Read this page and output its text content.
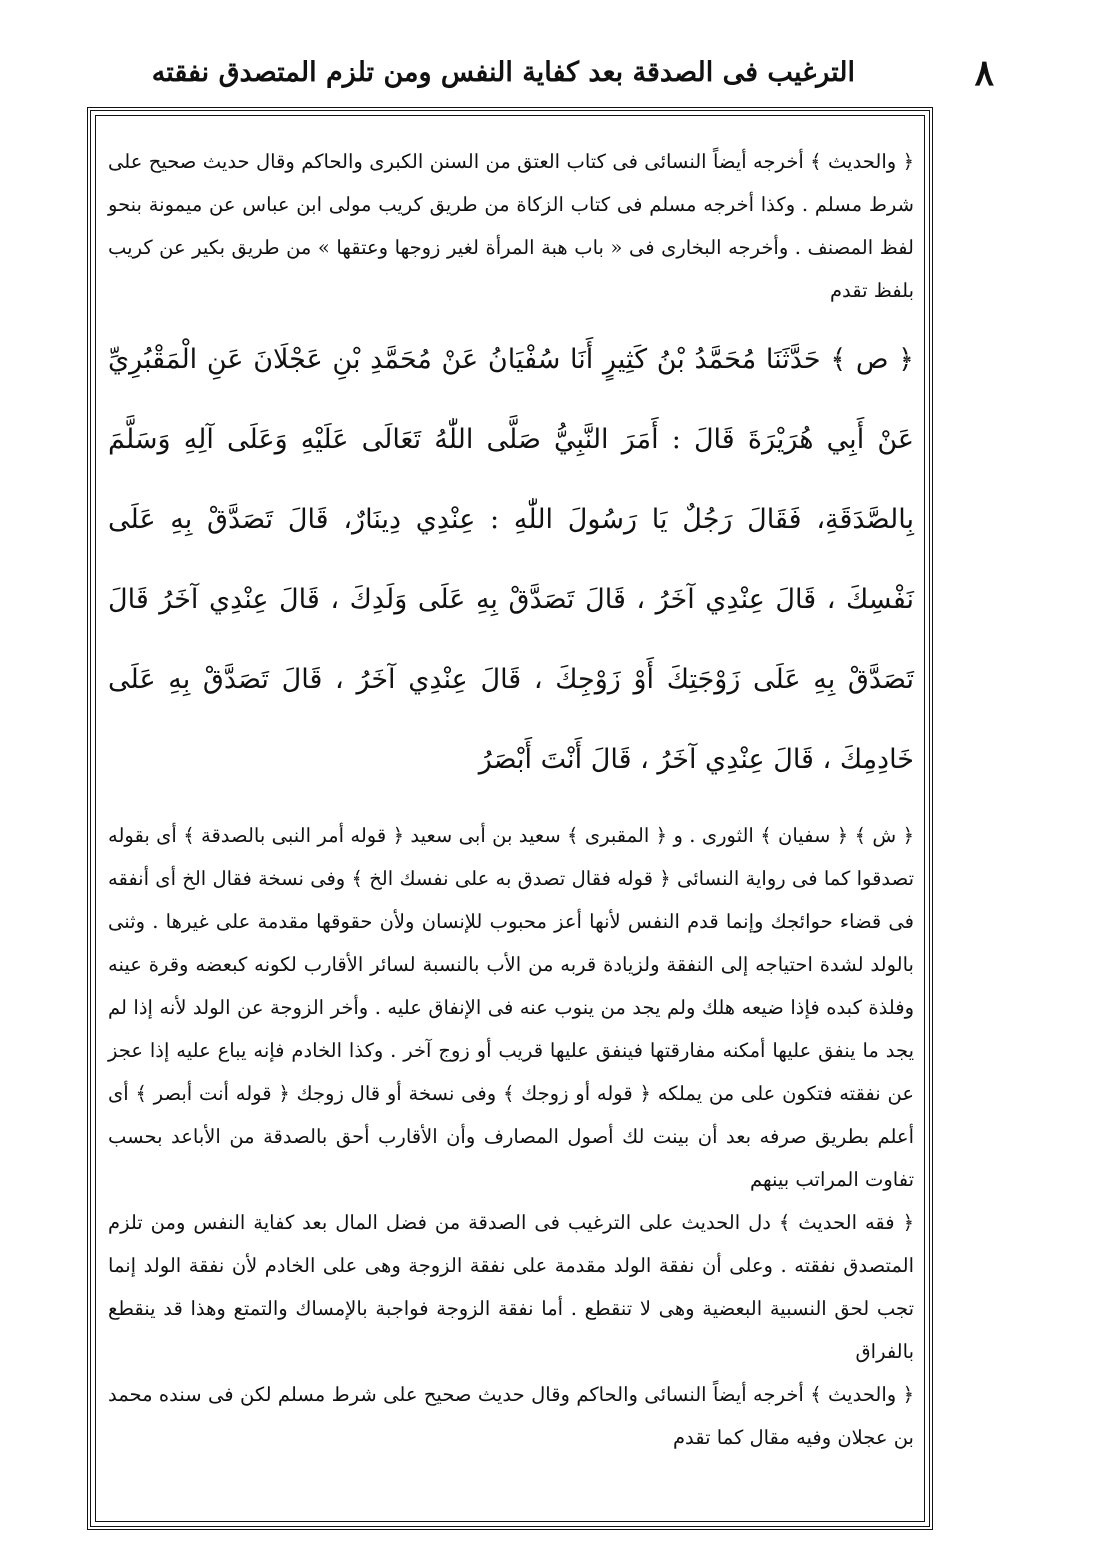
٨
الترغيب فى الصدقة بعد كفاية النفس ومن تلزم المتصدق نفقته

﴿ والحديث ﴾ أخرجه أيضاً النسائى فى كتاب العتق من السنن الكبرى والحاكم وقال حديث صحيح على شرط مسلم . وكذا أخرجه مسلم فى كتاب الزكاة من طريق كريب مولى ابن عباس عن ميمونة بنحو لفظ المصنف . وأخرجه البخارى فى « باب هبة المرأة لغير زوجها وعتقها » من طريق بكير عن كريب بلفظ تقدم

﴿ ص ﴾ حَدَّثَنَا مُحَمَّدُ بْنُ كَثِيرٍ أَنَا سُفْيَانُ عَنْ مُحَمَّدِ بْنِ عَجْلَانَ عَنِ الْمَقْبُرِيِّ عَنْ أَبِي هُرَيْرَةَ قَالَ : أَمَرَ النَّبِيُّ صَلَّى اللّٰهُ تَعَالَى عَلَيْهِ وَعَلَى آلِهِ وَسَلَّمَ بِالصَّدَقَةِ، فَقَالَ رَجُلٌ يَا رَسُولَ اللّٰهِ : عِنْدِي دِينَارٌ، قَالَ تَصَدَّقْ بِهِ عَلَى نَفْسِكَ ، قَالَ عِنْدِي آخَرُ ، قَالَ تَصَدَّقْ بِهِ عَلَى وَلَدِكَ ، قَالَ عِنْدِي آخَرُ قَالَ تَصَدَّقْ بِهِ عَلَى زَوْجَتِكَ أَوْ زَوْجِكَ ، قَالَ عِنْدِي آخَرُ ، قَالَ تَصَدَّقْ بِهِ عَلَى خَادِمِكَ ، قَالَ عِنْدِي آخَرُ ، قَالَ أَنْتَ أَبْصَرُ

﴿ ش ﴾ ﴿ سفيان ﴾ الثورى . و ﴿ المقبرى ﴾ سعيد بن أبى سعيد ﴿ قوله أمر النبى بالصدقة ﴾ أى بقوله تصدقوا كما فى رواية النسائى ﴿ قوله فقال تصدق به على نفسك الخ ﴾ وفى نسخة فقال الخ أى أنفقه فى قضاء حوائجك وإنما قدم النفس لأنها أعز محبوب للإنسان ولأن حقوقها مقدمة على غيرها . وثنى بالولد لشدة احتياجه إلى النفقة ولزيادة قربه من الأب بالنسبة لسائر الأقارب لكونه كبعضه وقرة عينه وفلذة كبده فإذا ضيعه هلك ولم يجد من ينوب عنه فى الإنفاق عليه . وأخر الزوجة عن الولد لأنه إذا لم يجد ما ينفق عليها أمكنه مفارقتها فينفق عليها قريب أو زوج آخر . وكذا الخادم فإنه يباع عليه إذا عجز عن نفقته فتكون على من يملكه ﴿ قوله أو زوجك ﴾ وفى نسخة أو قال زوجك ﴿ قوله أنت أبصر ﴾ أى أعلم بطريق صرفه بعد أن بينت لك أصول المصارف وأن الأقارب أحق بالصدقة من الأباعد بحسب تفاوت المراتب بينهم

﴿ فقه الحديث ﴾ دل الحديث على الترغيب فى الصدقة من فضل المال بعد كفاية النفس ومن تلزم المتصدق نفقته . وعلى أن نفقة الولد مقدمة على نفقة الزوجة وهى على الخادم لأن نفقة الولد إنما تجب لحق النسبية البعضية وهى لا تنقطع . أما نفقة الزوجة فواجبة بالإمساك والتمتع وهذا قد ينقطع بالفراق

﴿ والحديث ﴾ أخرجه أيضاً النسائى والحاكم وقال حديث صحيح على شرط مسلم لكن فى سنده محمد بن عجلان وفيه مقال كما تقدم
